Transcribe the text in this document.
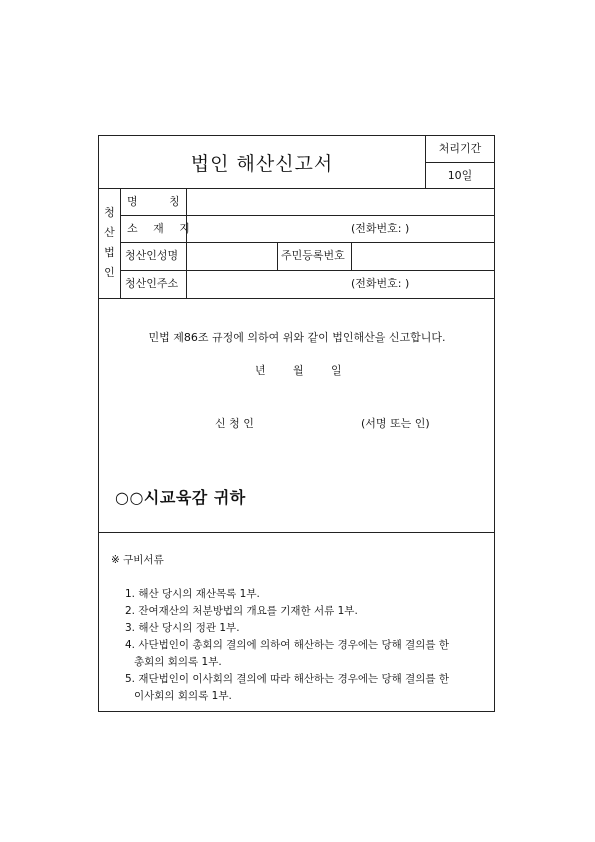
법인 해산신고서
처리기간
10일
청
산
법
인
명 칭
소 재 지	(전화번호: )
청산인성명	주민등록번호
청산인주소	(전화번호: )
민법 제86조 규정에 의하여 위와 같이 법인해산을 신고합니다.
년 월 일
신 청 인	(서명 또는 인)
○○시교육감 귀하
※ 구비서류
1. 해산 당시의 재산목록 1부.
2. 잔여재산의 처분방법의 개요를 기재한 서류 1부.
3. 해산 당시의 정관 1부.
4. 사단법인이 총회의 결의에 의하여 해산하는 경우에는 당해 결의를 한
총회의 회의록 1부.
5. 재단법인이 이사회의 결의에 따라 해산하는 경우에는 당해 결의를 한
이사회의 회의록 1부.
